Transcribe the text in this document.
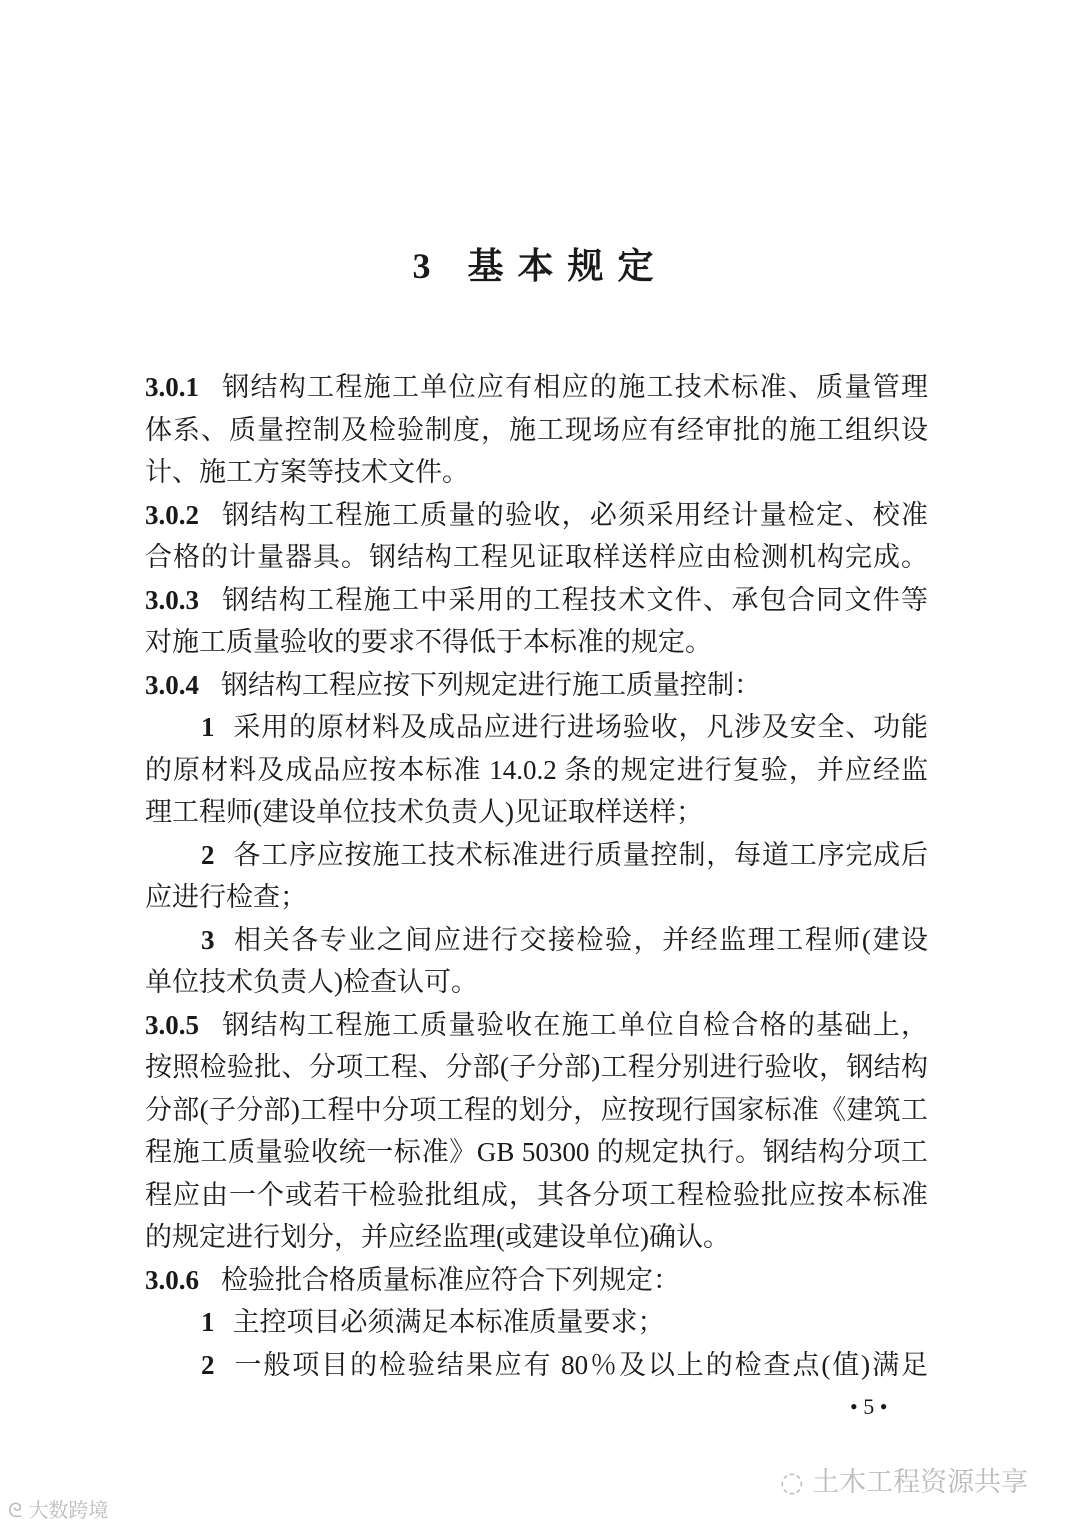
3 基本规定
3.0.1 钢结构工程施工单位应有相应的施工技术标准、质量管理
体系、质量控制及检验制度，施工现场应有经审批的施工组织设
计、施工方案等技术文件。
3.0.2 钢结构工程施工质量的验收，必须采用经计量检定、校准
合格的计量器具。钢结构工程见证取样送样应由检测机构完成。
3.0.3 钢结构工程施工中采用的工程技术文件、承包合同文件等
对施工质量验收的要求不得低于本标准的规定。
3.0.4 钢结构工程应按下列规定进行施工质量控制：
1 采用的原材料及成品应进行进场验收，凡涉及安全、功能
的原材料及成品应按本标准 14.0.2 条的规定进行复验，并应经监
理工程师(建设单位技术负责人)见证取样送样；
2 各工序应按施工技术标准进行质量控制，每道工序完成后
应进行检查；
3 相关各专业之间应进行交接检验，并经监理工程师(建设
单位技术负责人)检查认可。
3.0.5 钢结构工程施工质量验收在施工单位自检合格的基础上，
按照检验批、分项工程、分部(子分部)工程分别进行验收，钢结构
分部(子分部)工程中分项工程的划分，应按现行国家标准《建筑工
程施工质量验收统一标准》GB 50300 的规定执行。钢结构分项工
程应由一个或若干检验批组成，其各分项工程检验批应按本标准
的规定进行划分，并应经监理(或建设单位)确认。
3.0.6 检验批合格质量标准应符合下列规定：
1 主控项目必须满足本标准质量要求；
2 一般项目的检验结果应有 80％及以上的检查点(值)满足
• 5 •
◌ 土木工程资源共享
ᘓ 大数跨境
